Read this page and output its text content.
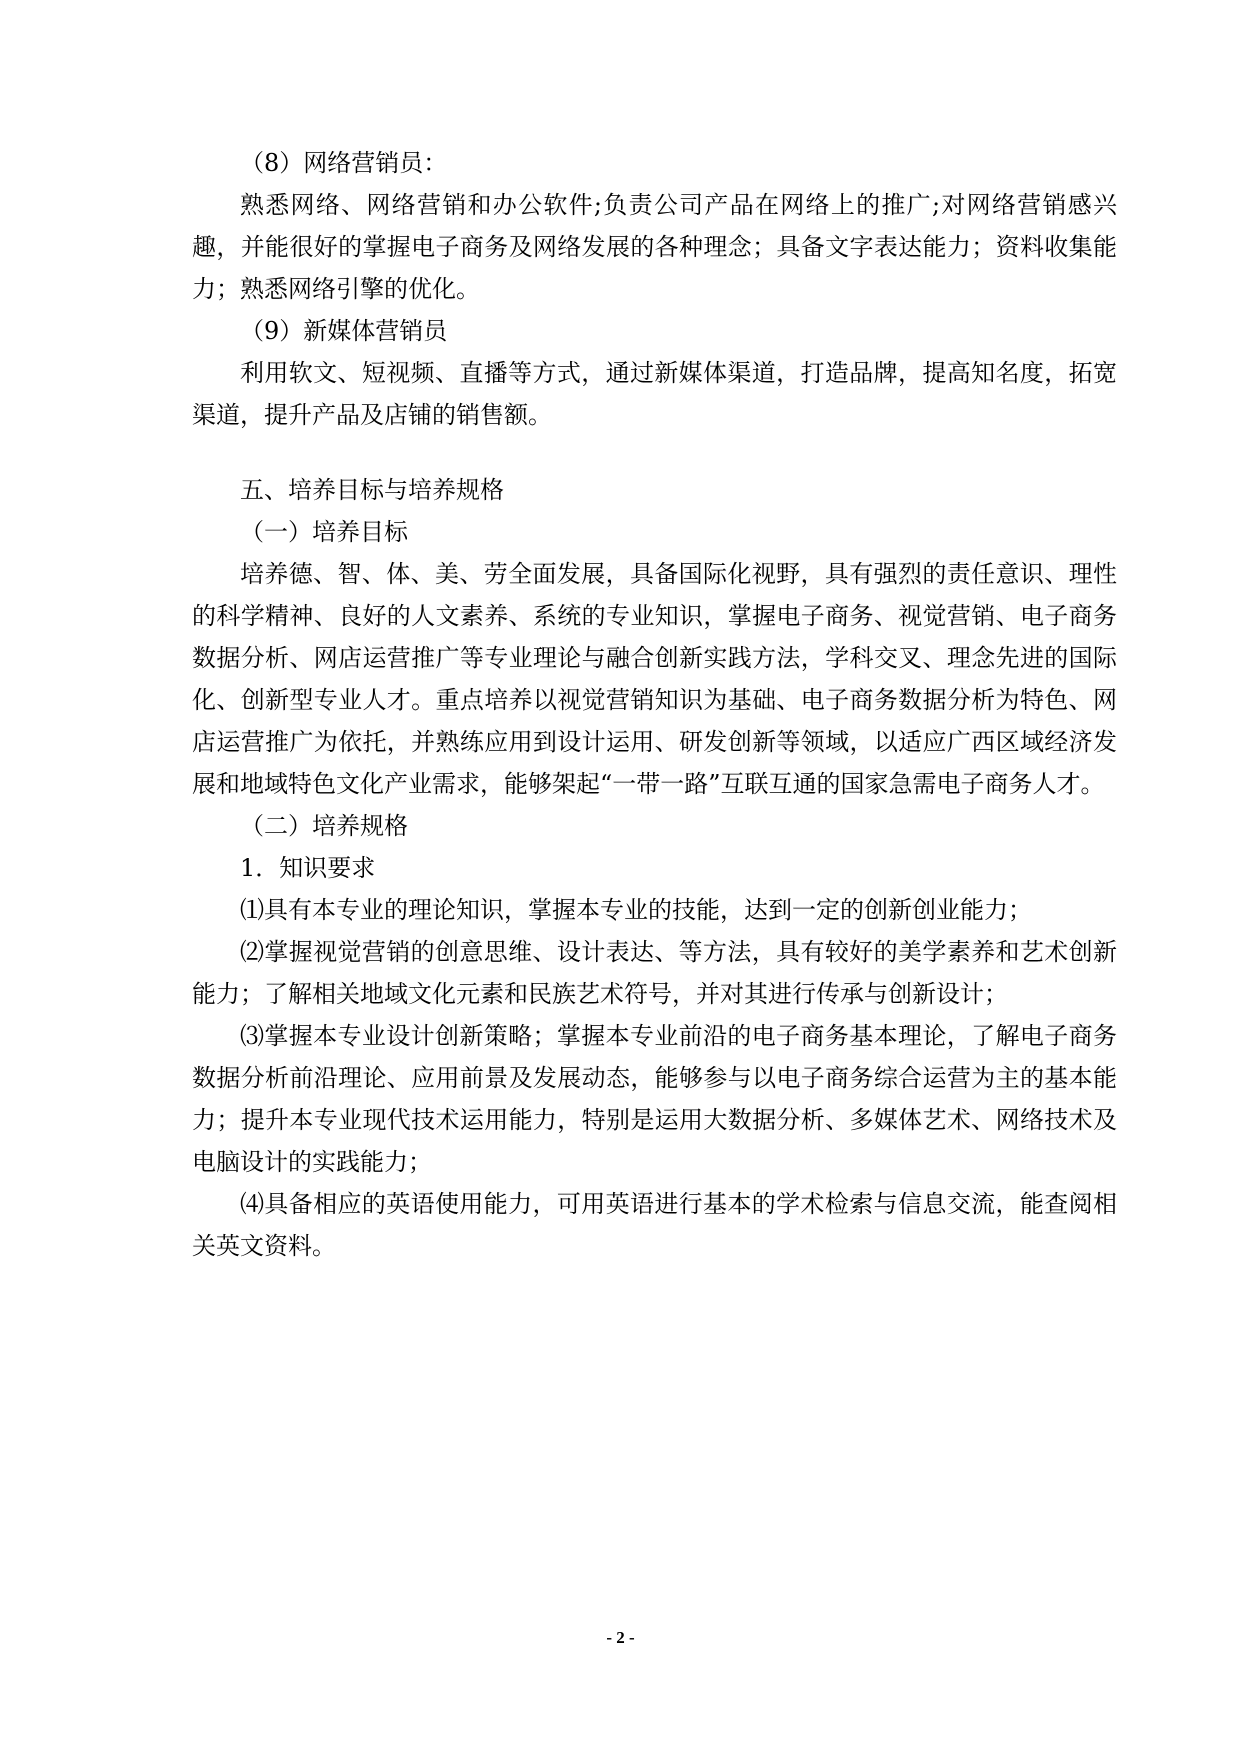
（8）网络营销员：

熟悉网络、网络营销和办公软件;负责公司产品在网络上的推广;对网络营销感兴趣，并能很好的掌握电子商务及网络发展的各种理念；具备文字表达能力；资料收集能力；熟悉网络引擎的优化。

（9）新媒体营销员

利用软文、短视频、直播等方式，通过新媒体渠道，打造品牌，提高知名度，拓宽渠道，提升产品及店铺的销售额。

五、培养目标与培养规格

（一）培养目标

培养德、智、体、美、劳全面发展，具备国际化视野，具有强烈的责任意识、理性的科学精神、良好的人文素养、系统的专业知识，掌握电子商务、视觉营销、电子商务数据分析、网店运营推广等专业理论与融合创新实践方法，学科交叉、理念先进的国际化、创新型专业人才。重点培养以视觉营销知识为基础、电子商务数据分析为特色、网店运营推广为依托，并熟练应用到设计运用、研发创新等领域，以适应广西区域经济发展和地域特色文化产业需求，能够架起“一带一路”互联互通的国家急需电子商务人才。

（二）培养规格

1．知识要求

⑴具有本专业的理论知识，掌握本专业的技能，达到一定的创新创业能力；

⑵掌握视觉营销的创意思维、设计表达、等方法，具有较好的美学素养和艺术创新能力；了解相关地域文化元素和民族艺术符号，并对其进行传承与创新设计；

⑶掌握本专业设计创新策略；掌握本专业前沿的电子商务基本理论，了解电子商务数据分析前沿理论、应用前景及发展动态，能够参与以电子商务综合运营为主的基本能力；提升本专业现代技术运用能力，特别是运用大数据分析、多媒体艺术、网络技术及电脑设计的实践能力；

⑷具备相应的英语使用能力，可用英语进行基本的学术检索与信息交流，能查阅相关英文资料。

- 2 -
